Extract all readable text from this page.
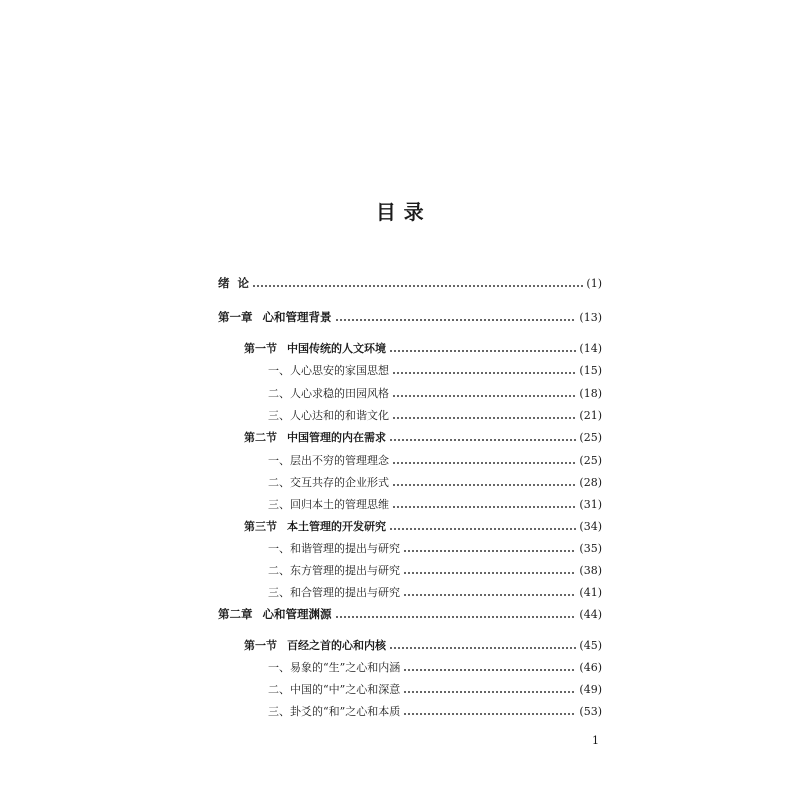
目 录
绪  论	(1)
第一章 心和管理背景	(13)
第一节 中国传统的人文环境	(14)
一、人心思安的家国思想	(15)
二、人心求稳的田园风格	(18)
三、人心达和的和谐文化	(21)
第二节 中国管理的内在需求	(25)
一、层出不穷的管理理念	(25)
二、交互共存的企业形式	(28)
三、回归本土的管理思维	(31)
第三节 本土管理的开发研究	(34)
一、和谐管理的提出与研究	(35)
二、东方管理的提出与研究	(38)
三、和合管理的提出与研究	(41)
第二章 心和管理渊源	(44)
第一节 百经之首的心和内核	(45)
一、易象的“生”之心和内涵	(46)
二、中国的“中”之心和深意	(49)
三、卦爻的“和”之心和本质	(53)
1
